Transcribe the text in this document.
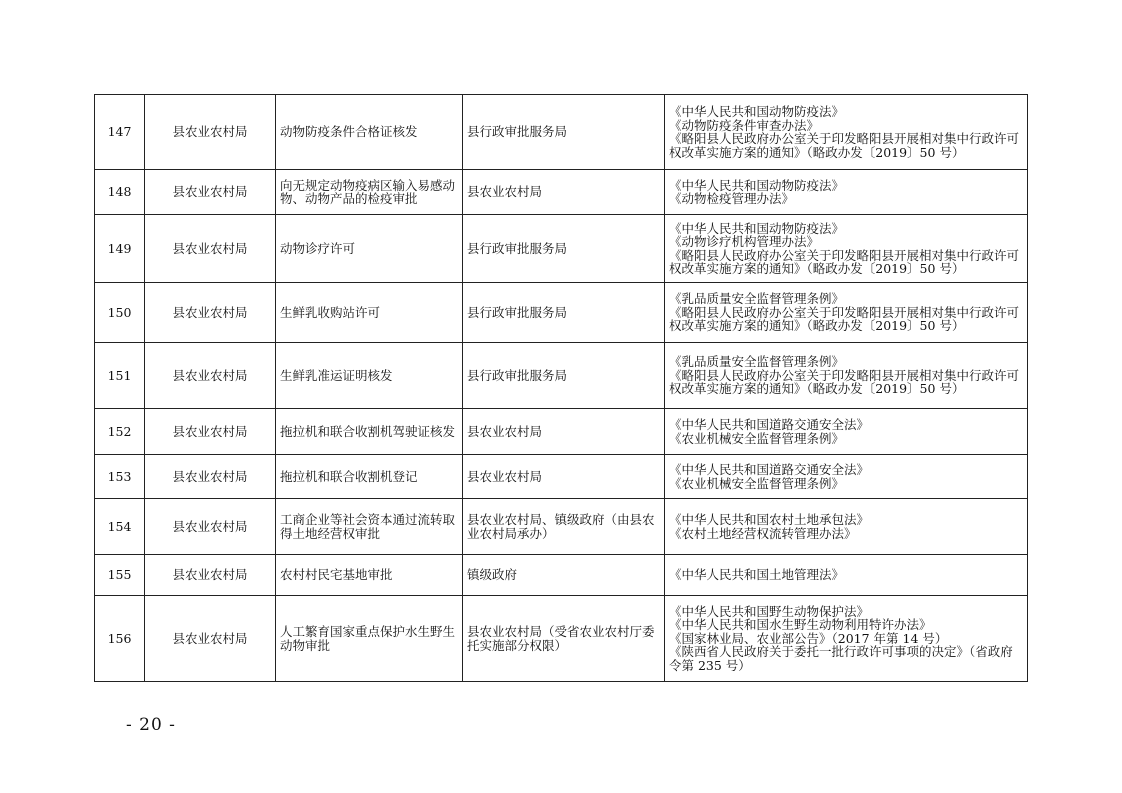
147	县农业农村局	动物防疫条件合格证核发	县行政审批服务局	《中华人民共和国动物防疫法》
《动物防疫条件审查办法》
《略阳县人民政府办公室关于印发略阳县开展相对集中行政许可权改革实施方案的通知》（略政办发〔2019〕50 号）

148	县农业农村局	向无规定动物疫病区输入易感动物、动物产品的检疫审批	县农业农村局	《中华人民共和国动物防疫法》
《动物检疫管理办法》

149	县农业农村局	动物诊疗许可	县行政审批服务局	《中华人民共和国动物防疫法》
《动物诊疗机构管理办法》
《略阳县人民政府办公室关于印发略阳县开展相对集中行政许可权改革实施方案的通知》（略政办发〔2019〕50 号）

150	县农业农村局	生鲜乳收购站许可	县行政审批服务局	《乳品质量安全监督管理条例》
《略阳县人民政府办公室关于印发略阳县开展相对集中行政许可权改革实施方案的通知》（略政办发〔2019〕50 号）

151	县农业农村局	生鲜乳准运证明核发	县行政审批服务局	《乳品质量安全监督管理条例》
《略阳县人民政府办公室关于印发略阳县开展相对集中行政许可权改革实施方案的通知》（略政办发〔2019〕50 号）

152	县农业农村局	拖拉机和联合收割机驾驶证核发	县农业农村局	《中华人民共和国道路交通安全法》
《农业机械安全监督管理条例》

153	县农业农村局	拖拉机和联合收割机登记	县农业农村局	《中华人民共和国道路交通安全法》
《农业机械安全监督管理条例》

154	县农业农村局	工商企业等社会资本通过流转取得土地经营权审批	县农业农村局、镇级政府（由县农业农村局承办）	《中华人民共和国农村土地承包法》
《农村土地经营权流转管理办法》

155	县农业农村局	农村村民宅基地审批	镇级政府	《中华人民共和国土地管理法》

156	县农业农村局	人工繁育国家重点保护水生野生动物审批	县农业农村局（受省农业农村厅委托实施部分权限）	《中华人民共和国野生动物保护法》
《中华人民共和国水生野生动物利用特许办法》
《国家林业局、农业部公告》（2017 年第 14 号）
《陕西省人民政府关于委托一批行政许可事项的决定》（省政府令第 235 号）
- 20 -
